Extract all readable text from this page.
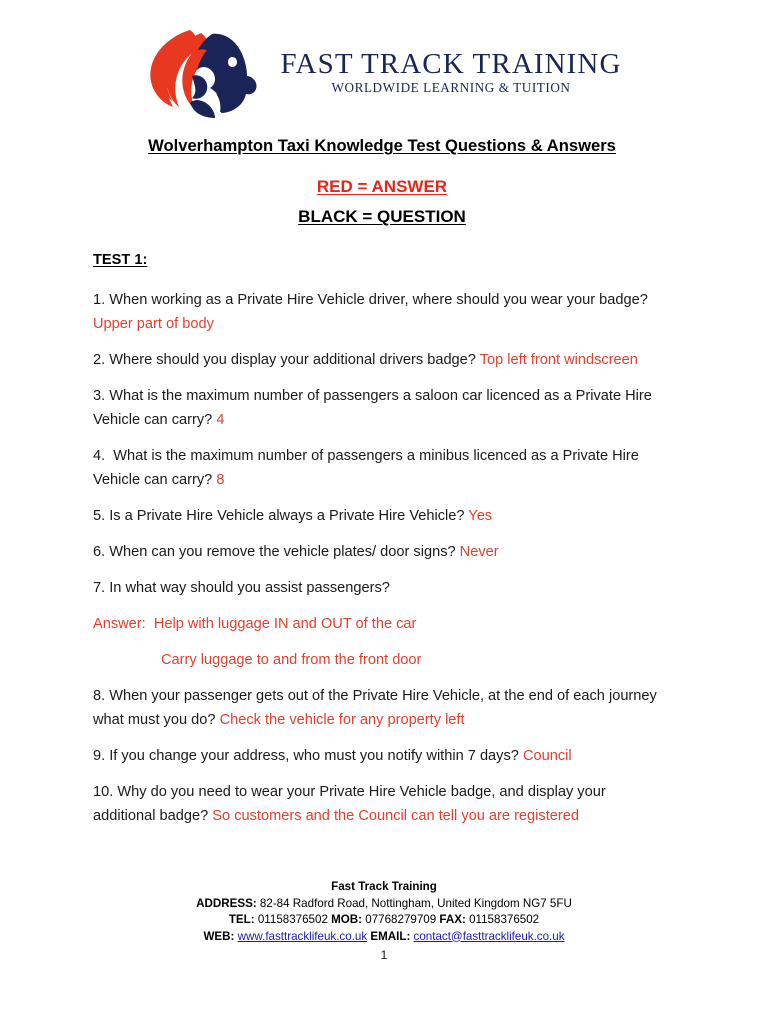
FAST TRACK TRAINING
WORLDWIDE LEARNING & TUITION
Wolverhampton Taxi Knowledge Test Questions & Answers
RED = ANSWER
BLACK = QUESTION
TEST 1:

1. When working as a Private Hire Vehicle driver, where should you wear your badge? Upper part of body

2. Where should you display your additional drivers badge? Top left front windscreen

3. What is the maximum number of passengers a saloon car licenced as a Private Hire Vehicle can carry? 4

4.  What is the maximum number of passengers a minibus licenced as a Private Hire Vehicle can carry? 8

5. Is a Private Hire Vehicle always a Private Hire Vehicle? Yes

6. When can you remove the vehicle plates/ door signs? Never

7. In what way should you assist passengers?

Answer:  Help with luggage IN and OUT of the car

Carry luggage to and from the front door

8. When your passenger gets out of the Private Hire Vehicle, at the end of each journey what must you do? Check the vehicle for any property left

9. If you change your address, who must you notify within 7 days? Council

10. Why do you need to wear your Private Hire Vehicle badge, and display your additional badge? So customers and the Council can tell you are registered

Fast Track Training
ADDRESS: 82-84 Radford Road, Nottingham, United Kingdom NG7 5FU
TEL: 01158376502 MOB: 07768279709 FAX: 01158376502
WEB: www.fasttracklifeuk.co.uk EMAIL: contact@fasttracklifeuk.co.uk
1
